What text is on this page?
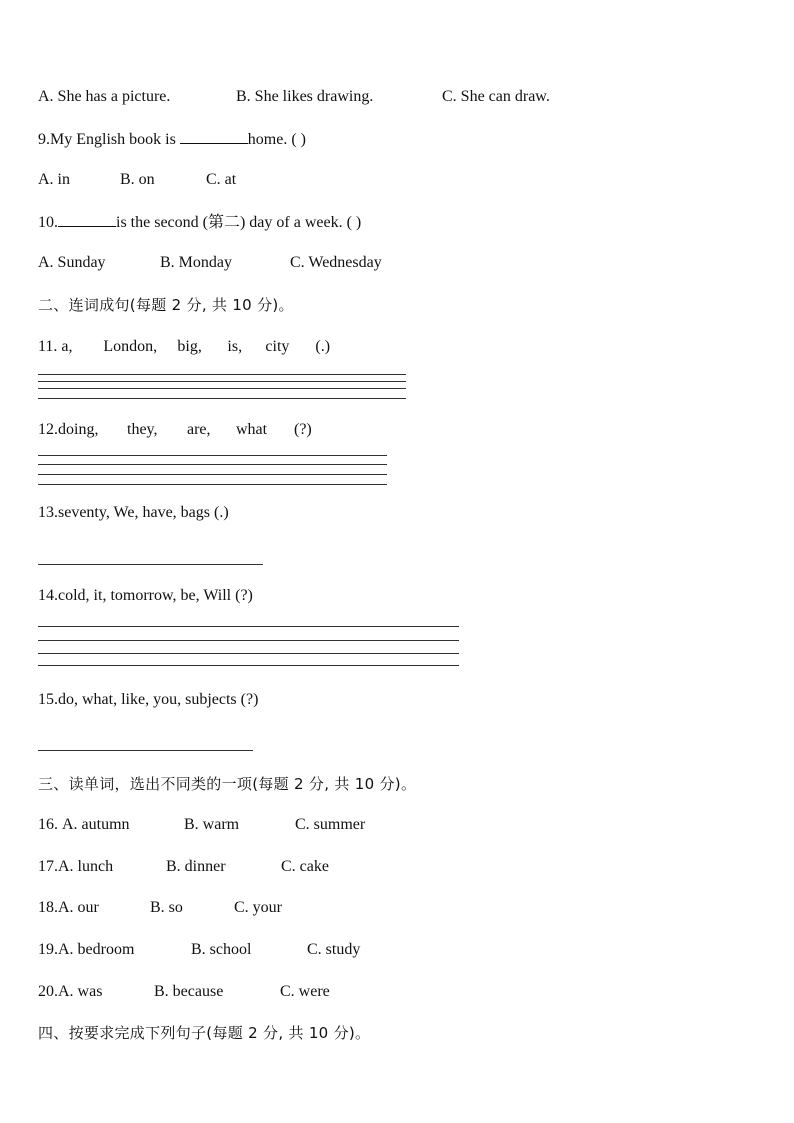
A. She has a picture.	B. She likes drawing.	C. She can draw.
9.My English book is	home. ( )
A. in	B. on	C. at
10.	is the second (第二) day of a week. ( )
A. Sunday	B. Monday	C. Wednesday
二、连词成句(每题 2 分, 共 10 分)。
11. a, London, big, is, city (.)
12.doing, they, are, what (?)
13.seventy, We, have, bags (.)
14.cold, it, tomorrow, be, Will (?)
15.do, what, like, you, subjects (?)
三、读单词，选出不同类的一项(每题 2 分, 共 10 分)。
16. A. autumn	B. warm	C. summer
17.A. lunch	B. dinner	C. cake
18.A. our	B. so	C. your
19.A. bedroom	B. school	C. study
20.A. was	B. because	C. were
四、按要求完成下列句子(每题 2 分, 共 10 分)。
